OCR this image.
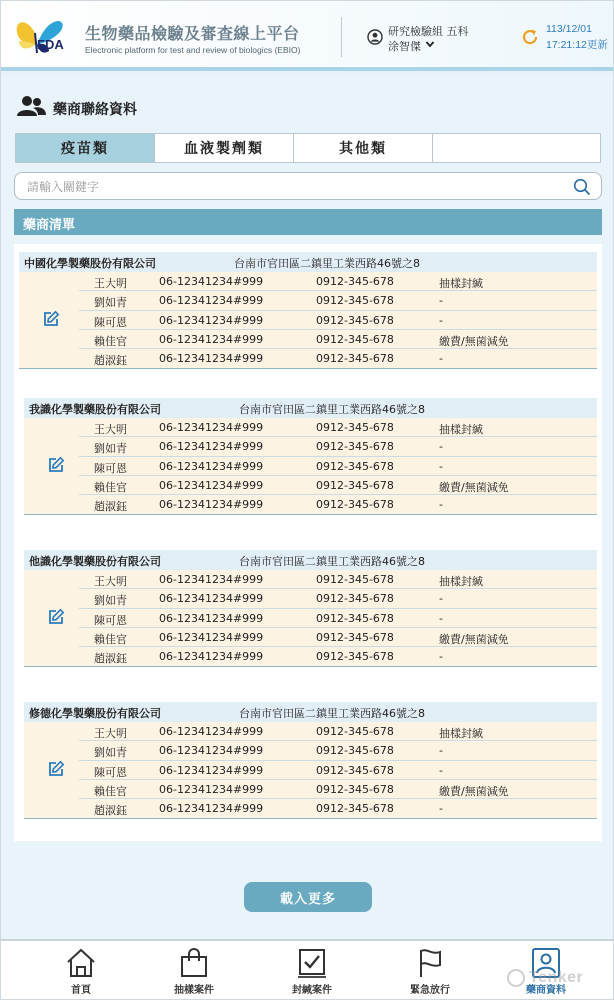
FDA
生物藥品檢驗及審查線上平台
Electronic platform for test and review of biologics (EBIO)
研究檢驗組 五科
涂智傑
113/12/01
17:21:12更新
藥商聯絡資料
疫苗類	血液製劑類	其他類
請輸入關鍵字
藥商清單
中國化學製藥股份有限公司	台南市官田區二鎮里工業西路46號之8
王大明	06-12341234#999	0912-345-678	抽樣封緘
劉如青	06-12341234#999	0912-345-678	-
陳可恩	06-12341234#999	0912-345-678	-
賴佳官	06-12341234#999	0912-345-678	繳費/無菌減免
趙淑鈺	06-12341234#999	0912-345-678	-
我識化學製藥股份有限公司	台南市官田區二鎮里工業西路46號之8
王大明	06-12341234#999	0912-345-678	抽樣封緘
劉如青	06-12341234#999	0912-345-678	-
陳可恩	06-12341234#999	0912-345-678	-
賴佳官	06-12341234#999	0912-345-678	繳費/無菌減免
趙淑鈺	06-12341234#999	0912-345-678	-
他識化學製藥股份有限公司	台南市官田區二鎮里工業西路46號之8
王大明	06-12341234#999	0912-345-678	抽樣封緘
劉如青	06-12341234#999	0912-345-678	-
陳可恩	06-12341234#999	0912-345-678	-
賴佳官	06-12341234#999	0912-345-678	繳費/無菌減免
趙淑鈺	06-12341234#999	0912-345-678	-
修德化學製藥股份有限公司	台南市官田區二鎮里工業西路46號之8
王大明	06-12341234#999	0912-345-678	抽樣封緘
劉如青	06-12341234#999	0912-345-678	-
陳可恩	06-12341234#999	0912-345-678	-
賴佳官	06-12341234#999	0912-345-678	繳費/無菌減免
趙淑鈺	06-12341234#999	0912-345-678	-
載入更多
首頁	抽樣案件	封緘案件	緊急放行	藥商資料
Tenker
